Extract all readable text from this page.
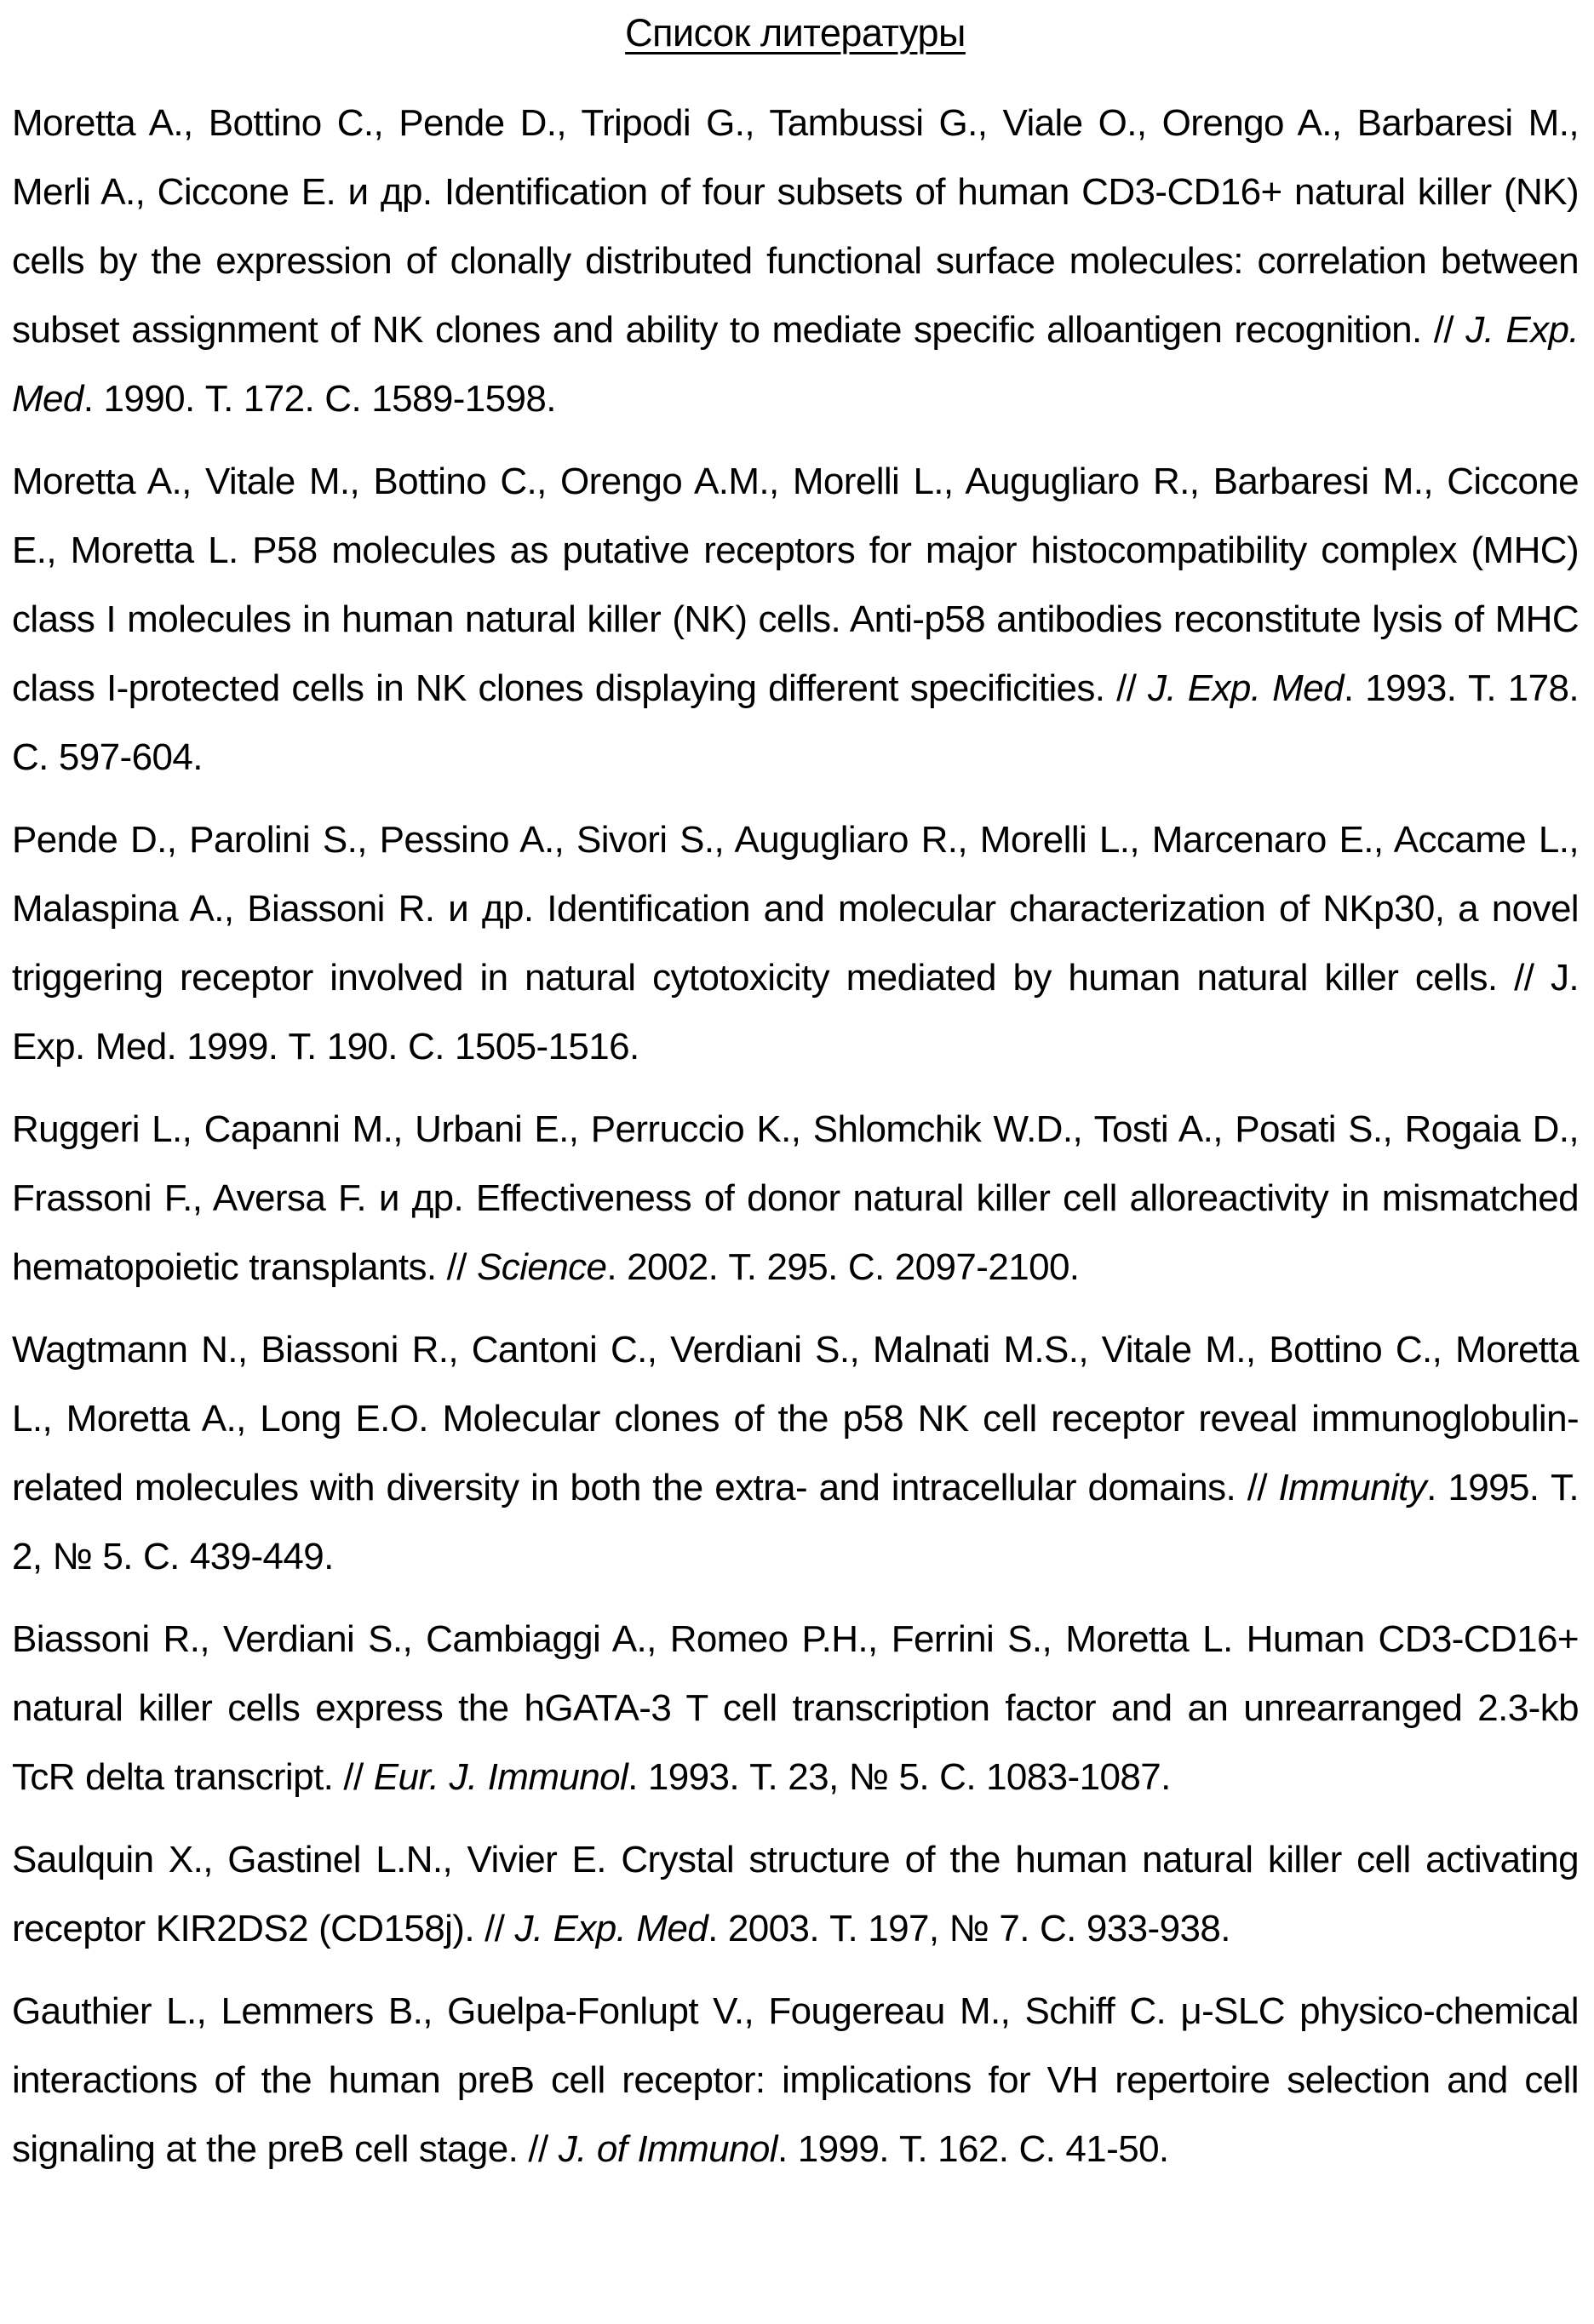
Список литературы

Moretta A., Bottino C., Pende D., Tripodi G., Tambussi G., Viale O., Orengo A., Barbaresi M., Merli A., Ciccone E. и др. Identification of four subsets of human CD3-CD16+ natural killer (NK) cells by the expression of clonally distributed functional surface molecules: correlation between subset assignment of NK clones and ability to mediate specific alloantigen recognition. // J. Exp. Med. 1990. Т. 172. С. 1589-1598.

Moretta A., Vitale M., Bottino C., Orengo A.M., Morelli L., Augugliaro R., Barbaresi M., Ciccone E., Moretta L. P58 molecules as putative receptors for major histocompatibility complex (MHC) class I molecules in human natural killer (NK) cells. Anti-p58 antibodies reconstitute lysis of MHC class I-protected cells in NK clones displaying different specificities. // J. Exp. Med. 1993. Т. 178. С. 597-604.

Pende D., Parolini S., Pessino A., Sivori S., Augugliaro R., Morelli L., Marcenaro E., Accame L., Malaspina A., Biassoni R. и др. Identification and molecular characterization of NKp30, a novel triggering receptor involved in natural cytotoxicity mediated by human natural killer cells. // J. Exp. Med. 1999. Т. 190. С. 1505-1516.

Ruggeri L., Capanni M., Urbani E., Perruccio K., Shlomchik W.D., Tosti A., Posati S., Rogaia D., Frassoni F., Aversa F. и др. Effectiveness of donor natural killer cell alloreactivity in mismatched hematopoietic transplants. // Science. 2002. Т. 295. С. 2097-2100.

Wagtmann N., Biassoni R., Cantoni C., Verdiani S., Malnati M.S., Vitale M., Bottino C., Moretta L., Moretta A., Long E.O. Molecular clones of the p58 NK cell receptor reveal immunoglobulin-related molecules with diversity in both the extra- and intracellular domains. // Immunity. 1995. Т. 2, № 5. С. 439-449.

Biassoni R., Verdiani S., Cambiaggi A., Romeo P.H., Ferrini S., Moretta L. Human CD3-CD16+ natural killer cells express the hGATA-3 T cell transcription factor and an unrearranged 2.3-kb TcR delta transcript. // Eur. J. Immunol. 1993. Т. 23, № 5. С. 1083-1087.

Saulquin X., Gastinel L.N., Vivier E. Crystal structure of the human natural killer cell activating receptor KIR2DS2 (CD158j). // J. Exp. Med. 2003. Т. 197, № 7. С. 933-938.

Gauthier L., Lemmers B., Guelpa-Fonlupt V., Fougereau M., Schiff C. μ-SLC physico-chemical interactions of the human preB cell receptor: implications for VH repertoire selection and cell signaling at the preB cell stage. // J. of Immunol. 1999. Т. 162. С. 41-50.
